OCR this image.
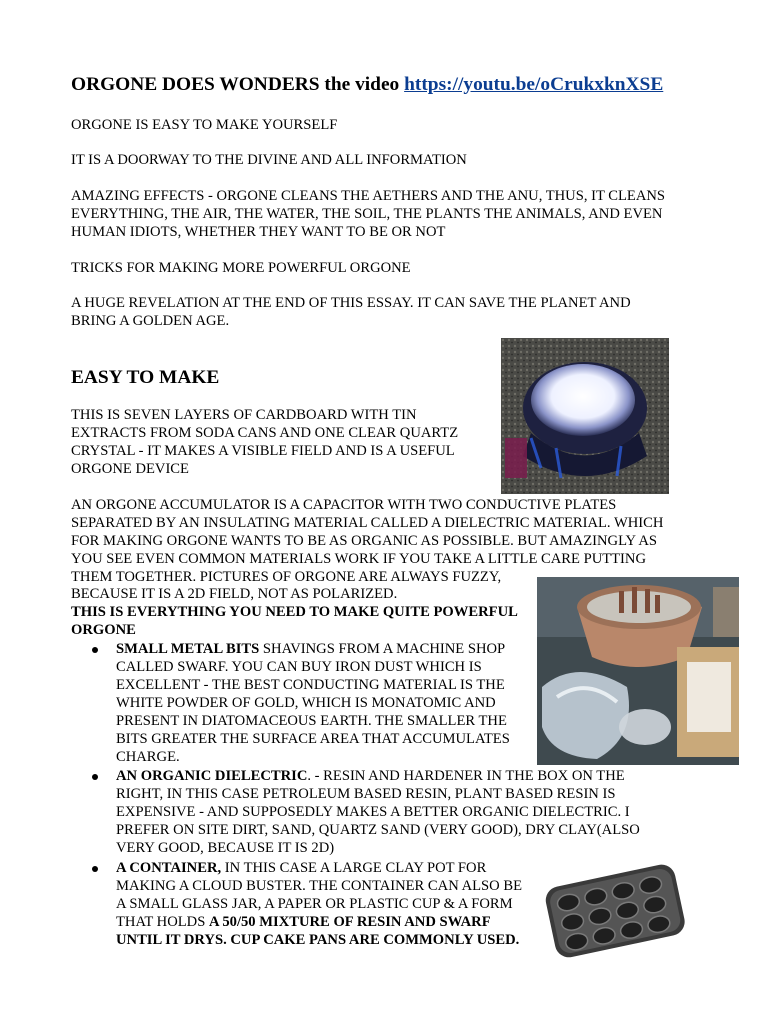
ORGONE DOES WONDERS the video https://youtu.be/oCrukxknXSE
ORGONE IS EASY TO MAKE YOURSELF
IT IS A DOORWAY TO THE DIVINE AND ALL INFORMATION
AMAZING EFFECTS - ORGONE CLEANS THE AETHERS AND THE ANU, THUS, IT CLEANS
EVERYTHING, THE AIR, THE WATER, THE SOIL, THE PLANTS THE ANIMALS, AND EVEN
HUMAN IDIOTS, WHETHER THEY WANT TO BE OR NOT
TRICKS FOR MAKING MORE POWERFUL ORGONE
A HUGE REVELATION AT THE END OF THIS ESSAY. IT CAN SAVE THE PLANET AND
BRING A GOLDEN AGE.
EASY TO MAKE
THIS IS SEVEN LAYERS OF CARDBOARD WITH TIN
EXTRACTS FROM SODA CANS AND ONE CLEAR QUARTZ
CRYSTAL - IT MAKES A VISIBLE FIELD AND IS A USEFUL
ORGONE DEVICE
AN ORGONE ACCUMULATOR IS A CAPACITOR WITH TWO CONDUCTIVE PLATES
SEPARATED BY AN INSULATING MATERIAL CALLED A DIELECTRIC MATERIAL. WHICH
FOR MAKING ORGONE WANTS TO BE AS ORGANIC AS POSSIBLE. BUT AMAZINGLY AS
YOU SEE EVEN COMMON MATERIALS WORK IF YOU TAKE A LITTLE CARE PUTTING
THEM TOGETHER. PICTURES OF ORGONE ARE ALWAYS FUZZY,
BECAUSE IT IS A 2D FIELD, NOT AS POLARIZED.
THIS IS EVERYTHING YOU NEED TO MAKE QUITE POWERFUL
ORGONE
SMALL METAL BITS SHAVINGS FROM A MACHINE SHOP
CALLED SWARF. YOU CAN BUY IRON DUST WHICH IS
EXCELLENT - THE BEST CONDUCTING MATERIAL IS THE
WHITE POWDER OF GOLD, WHICH IS MONATOMIC AND
PRESENT IN DIATOMACEOUS EARTH. THE SMALLER THE
BITS GREATER THE SURFACE AREA THAT ACCUMULATES
CHARGE.
AN ORGANIC DIELECTRIC. - RESIN AND HARDENER IN THE BOX ON THE
RIGHT, IN THIS CASE PETROLEUM BASED RESIN, PLANT BASED RESIN IS
EXPENSIVE - AND SUPPOSEDLY MAKES A BETTER ORGANIC DIELECTRIC. I
PREFER ON SITE DIRT, SAND, QUARTZ SAND (VERY GOOD), DRY CLAY(ALSO
VERY GOOD, BECAUSE IT IS 2D)
A CONTAINER, IN THIS CASE A LARGE CLAY POT FOR
MAKING A CLOUD BUSTER. THE CONTAINER CAN ALSO BE
A SMALL GLASS JAR, A PAPER OR PLASTIC CUP & A FORM
THAT HOLDS A 50/50 MIXTURE OF RESIN AND SWARF
UNTIL IT DRYS. CUP CAKE PANS ARE COMMONLY USED.
